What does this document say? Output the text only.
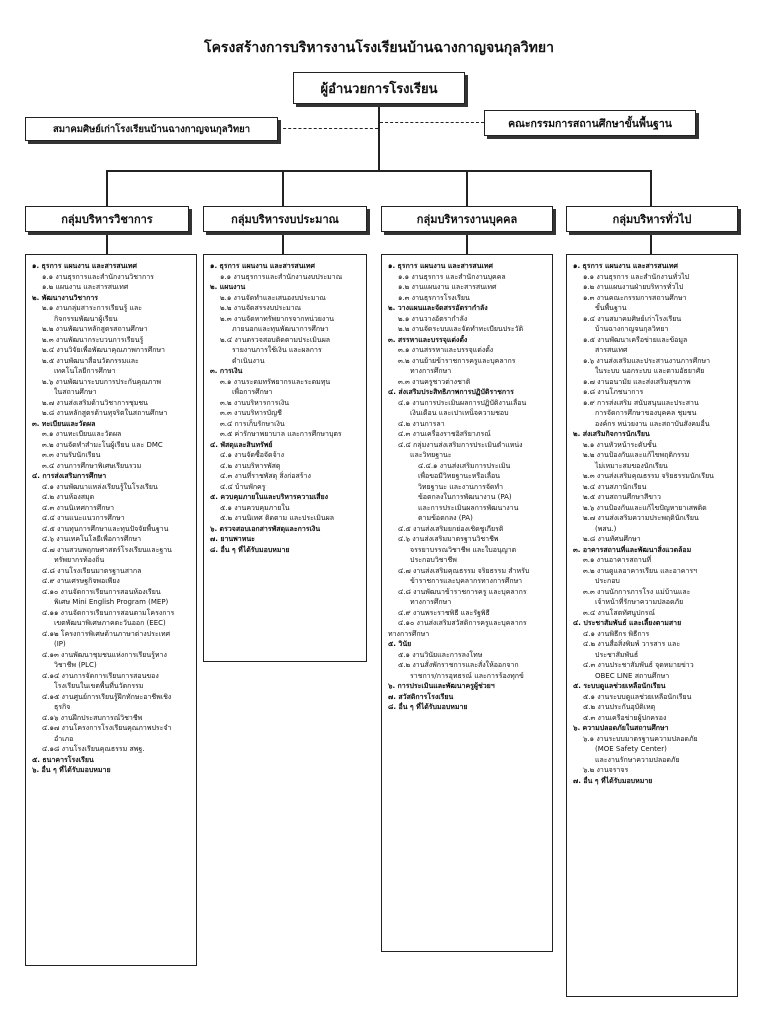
โครงสร้างการบริหารงานโรงเรียนบ้านฉางกาญจนกุลวิทยา
ผู้อำนวยการโรงเรียน
สมาคมศิษย์เก่าโรงเรียนบ้านฉางกาญจนกุลวิทยา	คณะกรรมการสถานศึกษาขั้นพื้นฐาน
กลุ่มบริหารวิชาการ	กลุ่มบริหารงบประมาณ	กลุ่มบริหารงานบุคคล	กลุ่มบริหารทั่วไป
๑. ธุรการ แผนงาน และสารสนเทศ
๑.๑ งานธุรการและสำนักงานวิชาการ
๑.๒ แผนงาน และสารสนเทศ
๒. พัฒนางานวิชาการ
๒.๑ งานกลุ่มสาระการเรียนรู้ และ
กิจกรรมพัฒนาผู้เรียน
๒.๒ งานพัฒนาหลักสูตรสถานศึกษา
๒.๓ งานพัฒนากระบวนการเรียนรู้
๒.๔ งานวิจัยเพื่อพัฒนาคุณภาพการศึกษา
๒.๕ งานพัฒนาสื่อนวัตกรรมและ
เทคโนโลยีการศึกษา
๒.๖ งานพัฒนาระบบการประกันคุณภาพ
ในสถานศึกษา
๒.๗ งานส่งเสริมด้านวิชาการชุมชน
๒.๘ งานหลักสูตรต้านทุจริตในสถานศึกษา
๓. ทะเบียนและวัดผล
๓.๑ งานทะเบียนและวัดผล
๓.๒ งานจัดทำสำมะโนผู้เรียน และ DMC
๓.๓ งานรับนักเรียน
๓.๔ งานการศึกษาพิเศษเรียนรวม
๔. การส่งเสริมการศึกษา
๔.๑ งานพัฒนาแหล่งเรียนรู้ในโรงเรียน
๔.๒ งานห้องสมุด
๔.๓ งานนิเทศการศึกษา
๔.๔ งานแนะแนวการศึกษา
๔.๕ งานทุนการศึกษาและทุนปัจจัยพื้นฐาน
๔.๖ งานเทคโนโลยีเพื่อการศึกษา
๔.๗ งานสวนพฤกษศาสตร์โรงเรียนและฐาน
ทรัพยากรท้องถิ่น
๔.๘ งานโรงเรียนมาตรฐานสากล
๔.๙ งานเศรษฐกิจพอเพียง
๔.๑๐ งานจัดการเรียนการสอนห้องเรียน
พิเศษ Mini English Program (MEP)
๔.๑๑ งานจัดการเรียนการสอนตามโครงการ
เขตพัฒนาพิเศษภาคตะวันออก (EEC)
๔.๑๒ โครงการพิเศษด้านภาษาต่างประเทศ
(IP)
๔.๑๓ งานพัฒนาชุมชนแห่งการเรียนรู้ทาง
วิชาชีพ (PLC)
๔.๑๔ งานการจัดการเรียนการสอนของ
โรงเรียนในเขตพื้นที่นวัตกรรม
๔.๑๕ งานศูนย์การเรียนรู้ฝึกทักษะอาชีพเชิง
ธุรกิจ
๔.๑๖ งานฝึกประสบการณ์วิชาชีพ
๔.๑๗ งานโครงการโรงเรียนคุณภาพประจำ
อำเภอ
๔.๑๘ งานโรงเรียนคุณธรรม สพฐ.
๕. ธนาคารโรงเรียน
๖. อื่น ๆ ที่ได้รับมอบหมาย
๑. ธุรการ แผนงาน และสารสนเทศ
๑.๑ งานธุรการและสำนักงานงบประมาณ
๒. แผนงาน
๒.๑ งานจัดทำและเสนองบประมาณ
๒.๒ งานจัดสรรงบประมาณ
๒.๓ งานจัดหาทรัพยากรจากหน่วยงาน
ภายนอกและทุนพัฒนาการศึกษา
๒.๔ งานตรวจสอบติดตามประเมินผล
รายงานการใช้เงิน และผลการ
ดำเนินงาน
๓. การเงิน
๓.๑ งานระดมทรัพยากรและระดมทุน
เพื่อการศึกษา
๓.๒ งานบริหารการเงิน
๓.๓ งานบริหารบัญชี
๓.๔ การเก็บรักษาเงิน
๓.๕ ค่ารักษาพยาบาล และการศึกษาบุตร
๔. พัสดุและสินทรัพย์
๔.๑ งานจัดซื้อจัดจ้าง
๔.๒ งานบริหารพัสดุ
๔.๓ งานที่ราชพัสดุ สิ่งก่อสร้าง
๔.๔ บ้านพักครู
๕. ควบคุมภายในและบริหารความเสี่ยง
๕.๑ งานควบคุมภายใน
๕.๒ งานนิเทศ ติดตาม และประเมินผล
๖. ตรวจสอบเอกสารพัสดุและการเงิน
๗. ยานพาหนะ
๘. อื่น ๆ ที่ได้รับมอบหมาย
๑. ธุรการ แผนงาน และสารสนเทศ
๑.๑ งานธุรการ และสำนักงานบุคคล
๑.๒ งานแผนงาน และสารสนเทศ
๑.๓ งานธุรการโรงเรียน
๒. วางแผนและจัดสรรอัตรากำลัง
๒.๑ งานวางอัตรากำลัง
๒.๒ งานจัดระบบและจัดทำทะเบียนประวัติ
๓. สรรหาและบรรจุแต่งตั้ง
๓.๑ งานสรรหาและบรรจุแต่งตั้ง
๓.๒ งานย้ายข้าราชการครูและบุคลากร
ทางการศึกษา
๓.๓ งานครูชาวต่างชาติ
๔. ส่งเสริมประสิทธิภาพการปฏิบัติราชการ
๔.๑ งานการประเมินผลการปฏิบัติงานเลื่อน
เงินเดือน และเปาเหน็จความชอบ
๔.๒ งานการลา
๔.๓ งานเครื่องราชอิสริยาภรณ์
๔.๔ กลุ่มงานส่งเสริมการประเมินตำแหน่ง
และวิทยฐานะ
๔.๔.๑ งานส่งเสริมการประเมิน
เพื่อขอมีวิทยฐานะหรือเลื่อน
วิทยฐานะ และงานการจัดทำ
ข้อตกลงในการพัฒนางาน (PA)
และการประเมินผลการพัฒนางาน
ตามข้อตกลง (PA)
๔.๕ งานส่งเสริมยกย่องเชิดชูเกียรติ
๔.๖ งานส่งเสริมมาตรฐานวิชาชีพ
จรรยาบรรณวิชาชีพ และใบอนุญาต
ประกอบวิชาชีพ
๔.๗ งานส่งเสริมคุณธรรม จริยธรรม สำหรับ
ข้าราชการและบุคลากรทางการศึกษา
๔.๘ งานพัฒนาข้าราชการครู และบุคลากร
ทางการศึกษา
๔.๙ งานพระราชพิธี และรัฐพิธี
๔.๑๐ งานส่งเสริมสวัสดิการครูและบุคลากร
ทางการศึกษา
๕. วินัย
๕.๑ งานวินัยและการลงโทษ
๕.๒ งานสั่งพักราชการและสั่งให้ออกจาก
ราชการ/การอุทธรณ์ และการร้องทุกข์
๖. การประเมินและพัฒนาครูผู้ช่วยฯ
๗. สวัสดิการโรงเรียน
๘. อื่น ๆ ที่ได้รับมอบหมาย
๑. ธุรการ แผนงาน และสารสนเทศ
๑.๑ งานธุรการ และสำนักงานทั่วไป
๑.๒ งานแผนงานฝ่ายบริหารทั่วไป
๑.๓ งานคณะกรรมการสถานศึกษา
ขั้นพื้นฐาน
๑.๔ งานสมาคมศิษย์เก่าโรงเรียน
บ้านฉางกาญจนกุลวิทยา
๑.๕ งานพัฒนาเครือข่ายและข้อมูล
สารสนเทศ
๑.๖ งานส่งเสริมและประสานงานการศึกษา
ในระบบ นอกระบบ และตามอัธยาศัย
๑.๗ งานอนามัย และส่งเสริมสุขภาพ
๑.๘ งานโภชนาการ
๑.๙ การส่งเสริม สนับสนุนและประสาน
การจัดการศึกษาของบุคคล ชุมชน
องค์กร หน่วยงาน และสถาบันสังคมอื่น
๒. ส่งเสริมกิจการนักเรียน
๒.๑ งานหัวหน้าระดับชั้น
๒.๒ งานป้องกันและแก้ไขพฤติกรรม
ไม่เหมาะสมของนักเรียน
๒.๓ งานส่งเสริมคุณธรรม จริยธรรมนักเรียน
๒.๔ งานสภานักเรียน
๒.๕ งานสถานศึกษาสีขาว
๒.๖ งานป้องกันและแก้ไขปัญหายาเสพติด
๒.๗ งานส่งเสริมความประพฤตินักเรียน
(พสน.)
๒.๘ งานทัศนศึกษา
๓. อาคารสถานที่และพัฒนาสิ่งแวดล้อม
๓.๑ งานอาคารสถานที่
๓.๒ งานดูแลอาคารเรียน และอาคารฯ
ประกอบ
๓.๓ งานนักการภารโรง แม่บ้านและ
เจ้าหน้าที่รักษาความปลอดภัย
๓.๔ งานโสตทัศนูปกรณ์
๔. ประชาสัมพันธ์ และเลี้ยงตามสาย
๔.๑ งานพิธีกร พิธีการ
๔.๒ งานสื่อสิ่งพิมพ์ วารสาร และ
ประชาสัมพันธ์
๔.๓ งานประชาสัมพันธ์ จุดหมายข่าว
OBEC LINE สถานศึกษา
๕. ระบบดูแลช่วยเหลือนักเรียน
๕.๑ งานระบบดูแลช่วยเหลือนักเรียน
๕.๒ งานประกันอุบัติเหตุ
๕.๓ งานเครือข่ายผู้ปกครอง
๖. ความปลอดภัยในสถานศึกษา
๖.๑ งานระบบมาตรฐานความปลอดภัย
(MOE Safety Center)
และงานรักษาความปลอดภัย
๖.๒ งานจราจร
๗. อื่น ๆ ที่ได้รับมอบหมาย
